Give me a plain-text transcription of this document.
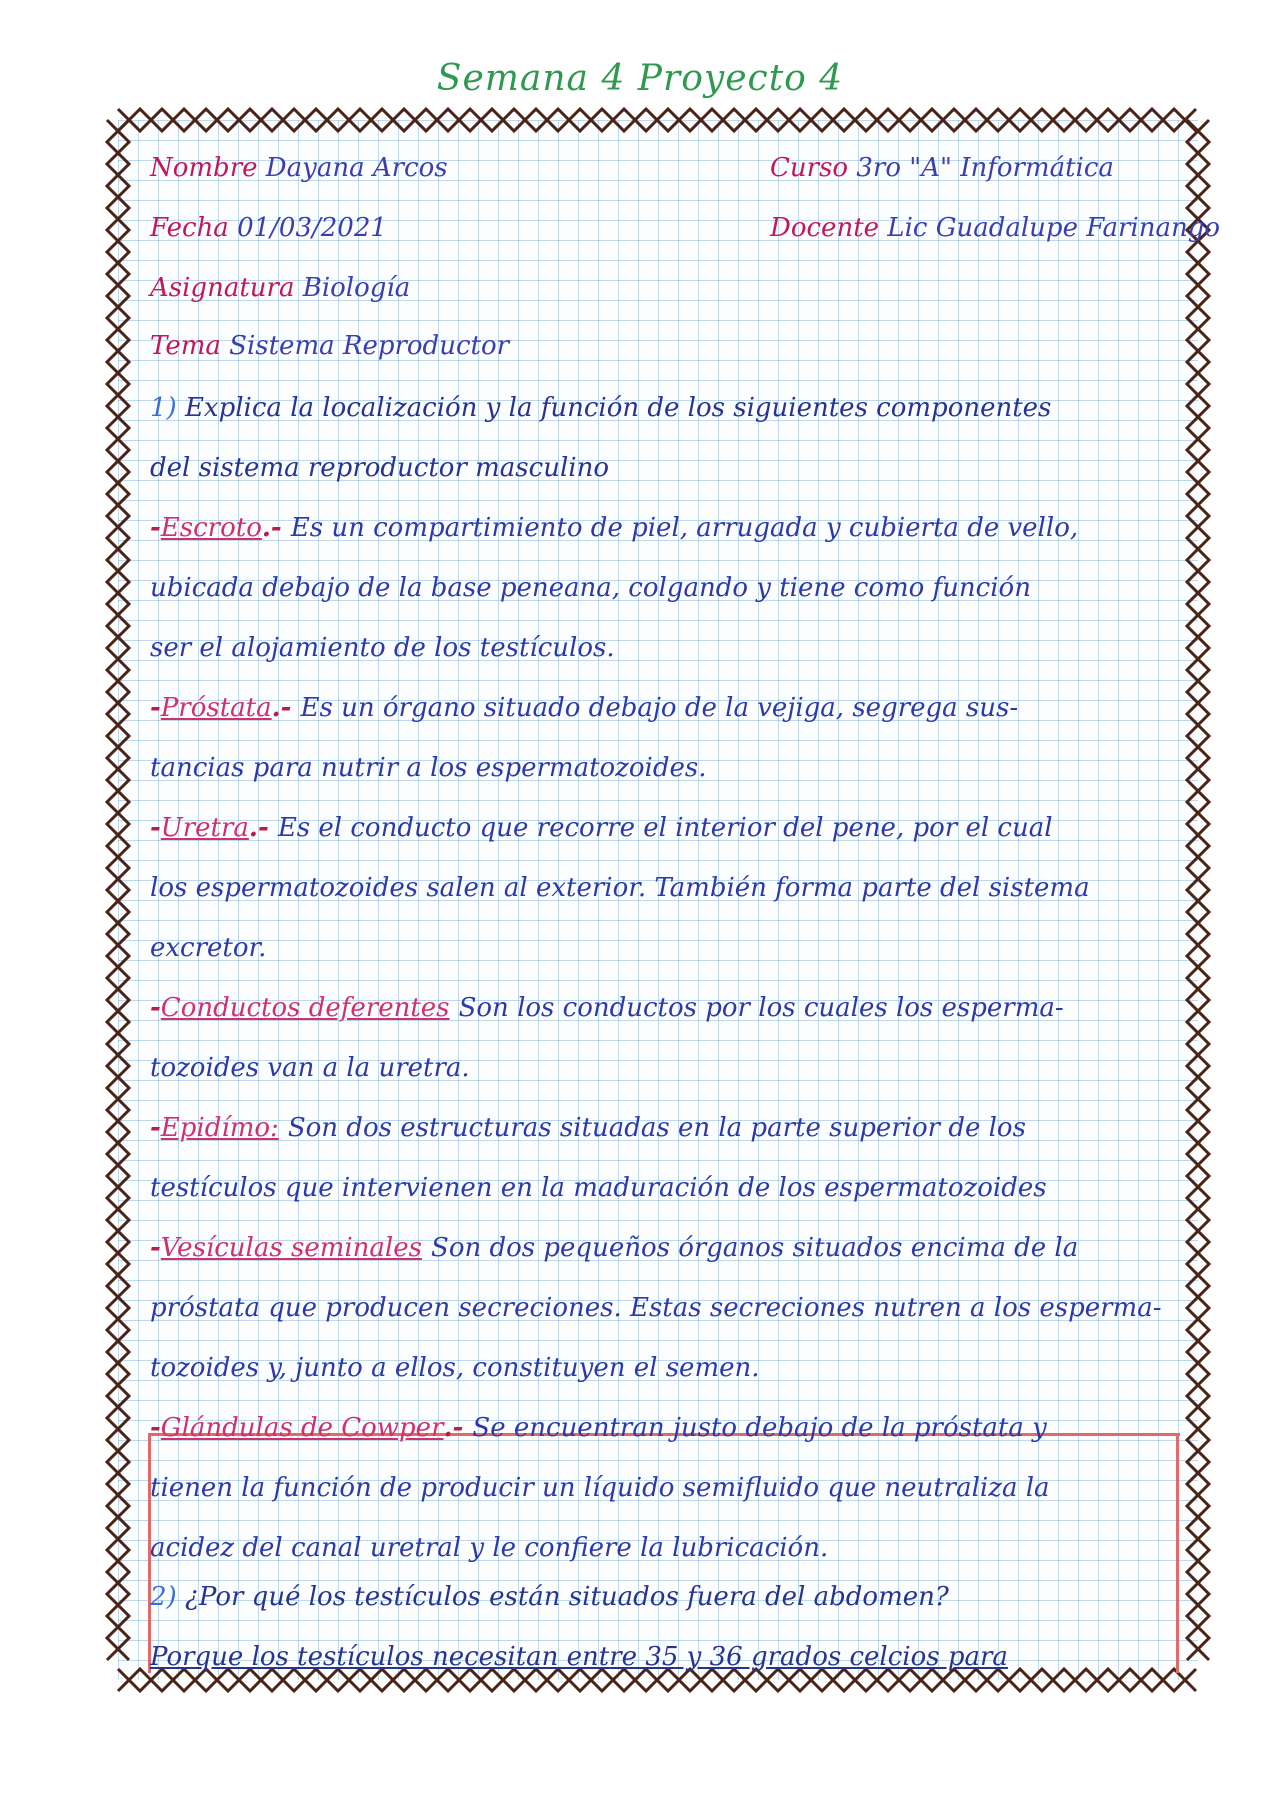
Semana 4 Proyecto 4
Nombre Dayana Arcos	Curso 3ro "A" Informática
Fecha 01/03/2021	Docente Lic Guadalupe Farinango
Asignatura Biología
Tema Sistema Reproductor
1) Explica la localización y la función de los siguientes componentes
del sistema reproductor masculino
-Escroto.- Es un compartimiento de piel, arrugada y cubierta de vello,
ubicada debajo de la base peneana, colgando y tiene como función
ser el alojamiento de los testículos.
-Próstata.- Es un órgano situado debajo de la vejiga, segrega sus-
tancias para nutrir a los espermatozoides.
-Uretra.- Es el conducto que recorre el interior del pene, por el cual
los espermatozoides salen al exterior. También forma parte del sistema
excretor.
-Conductos deferentes Son los conductos por los cuales los esperma-
tozoides van a la uretra.
-Epidímo: Son dos estructuras situadas en la parte superior de los
testículos que intervienen en la maduración de los espermatozoides
-Vesículas seminales Son dos pequeños órganos situados encima de la
próstata que producen secreciones. Estas secreciones nutren a los esperma-
tozoides y, junto a ellos, constituyen el semen.
-Glándulas de Cowper.- Se encuentran justo debajo de la próstata y
tienen la función de producir un líquido semifluido que neutraliza la
acidez del canal uretral y le confiere la lubricación.
2) ¿Por qué los testículos están situados fuera del abdomen?
Porque los testículos necesitan entre 35 y 36 grados celcios para
